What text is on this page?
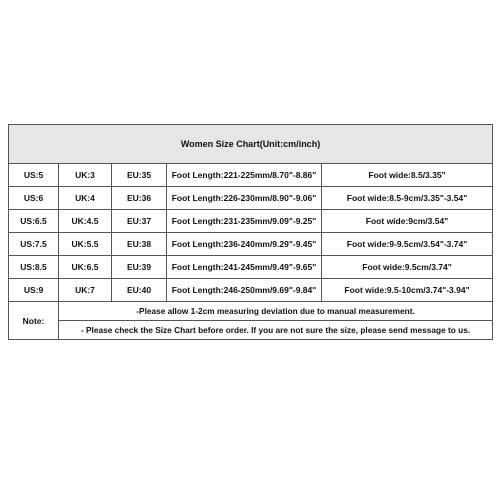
Women Size Chart(Unit:cm/inch)				
US:5	UK:3	EU:35	Foot Length:221-225mm/8.70"-8.86"	Foot wide:8.5/3.35"
US:6	UK:4	EU:36	Foot Length:226-230mm/8.90"-9.06"	Foot wide:8.5-9cm/3.35"-3.54"
US:6.5	UK:4.5	EU:37	Foot Length:231-235mm/9.09"-9.25"	Foot wide:9cm/3.54"
US:7.5	UK:5.5	EU:38	Foot Length:236-240mm/9.29"-9.45"	Foot wide:9-9.5cm/3.54"-3.74"
US:8.5	UK:6.5	EU:39	Foot Length:241-245mm/9.49"-9.65"	Foot wide:9.5cm/3.74"
US:9	UK:7	EU:40	Foot Length:246-250mm/9.69"-9.84"	Foot wide:9.5-10cm/3.74"-3.94"
Note:	-Please allow 1-2cm measuring deviation due to manual measurement.			
	- Please check the Size Chart before order. If you are not sure the size, please send message to us.			
